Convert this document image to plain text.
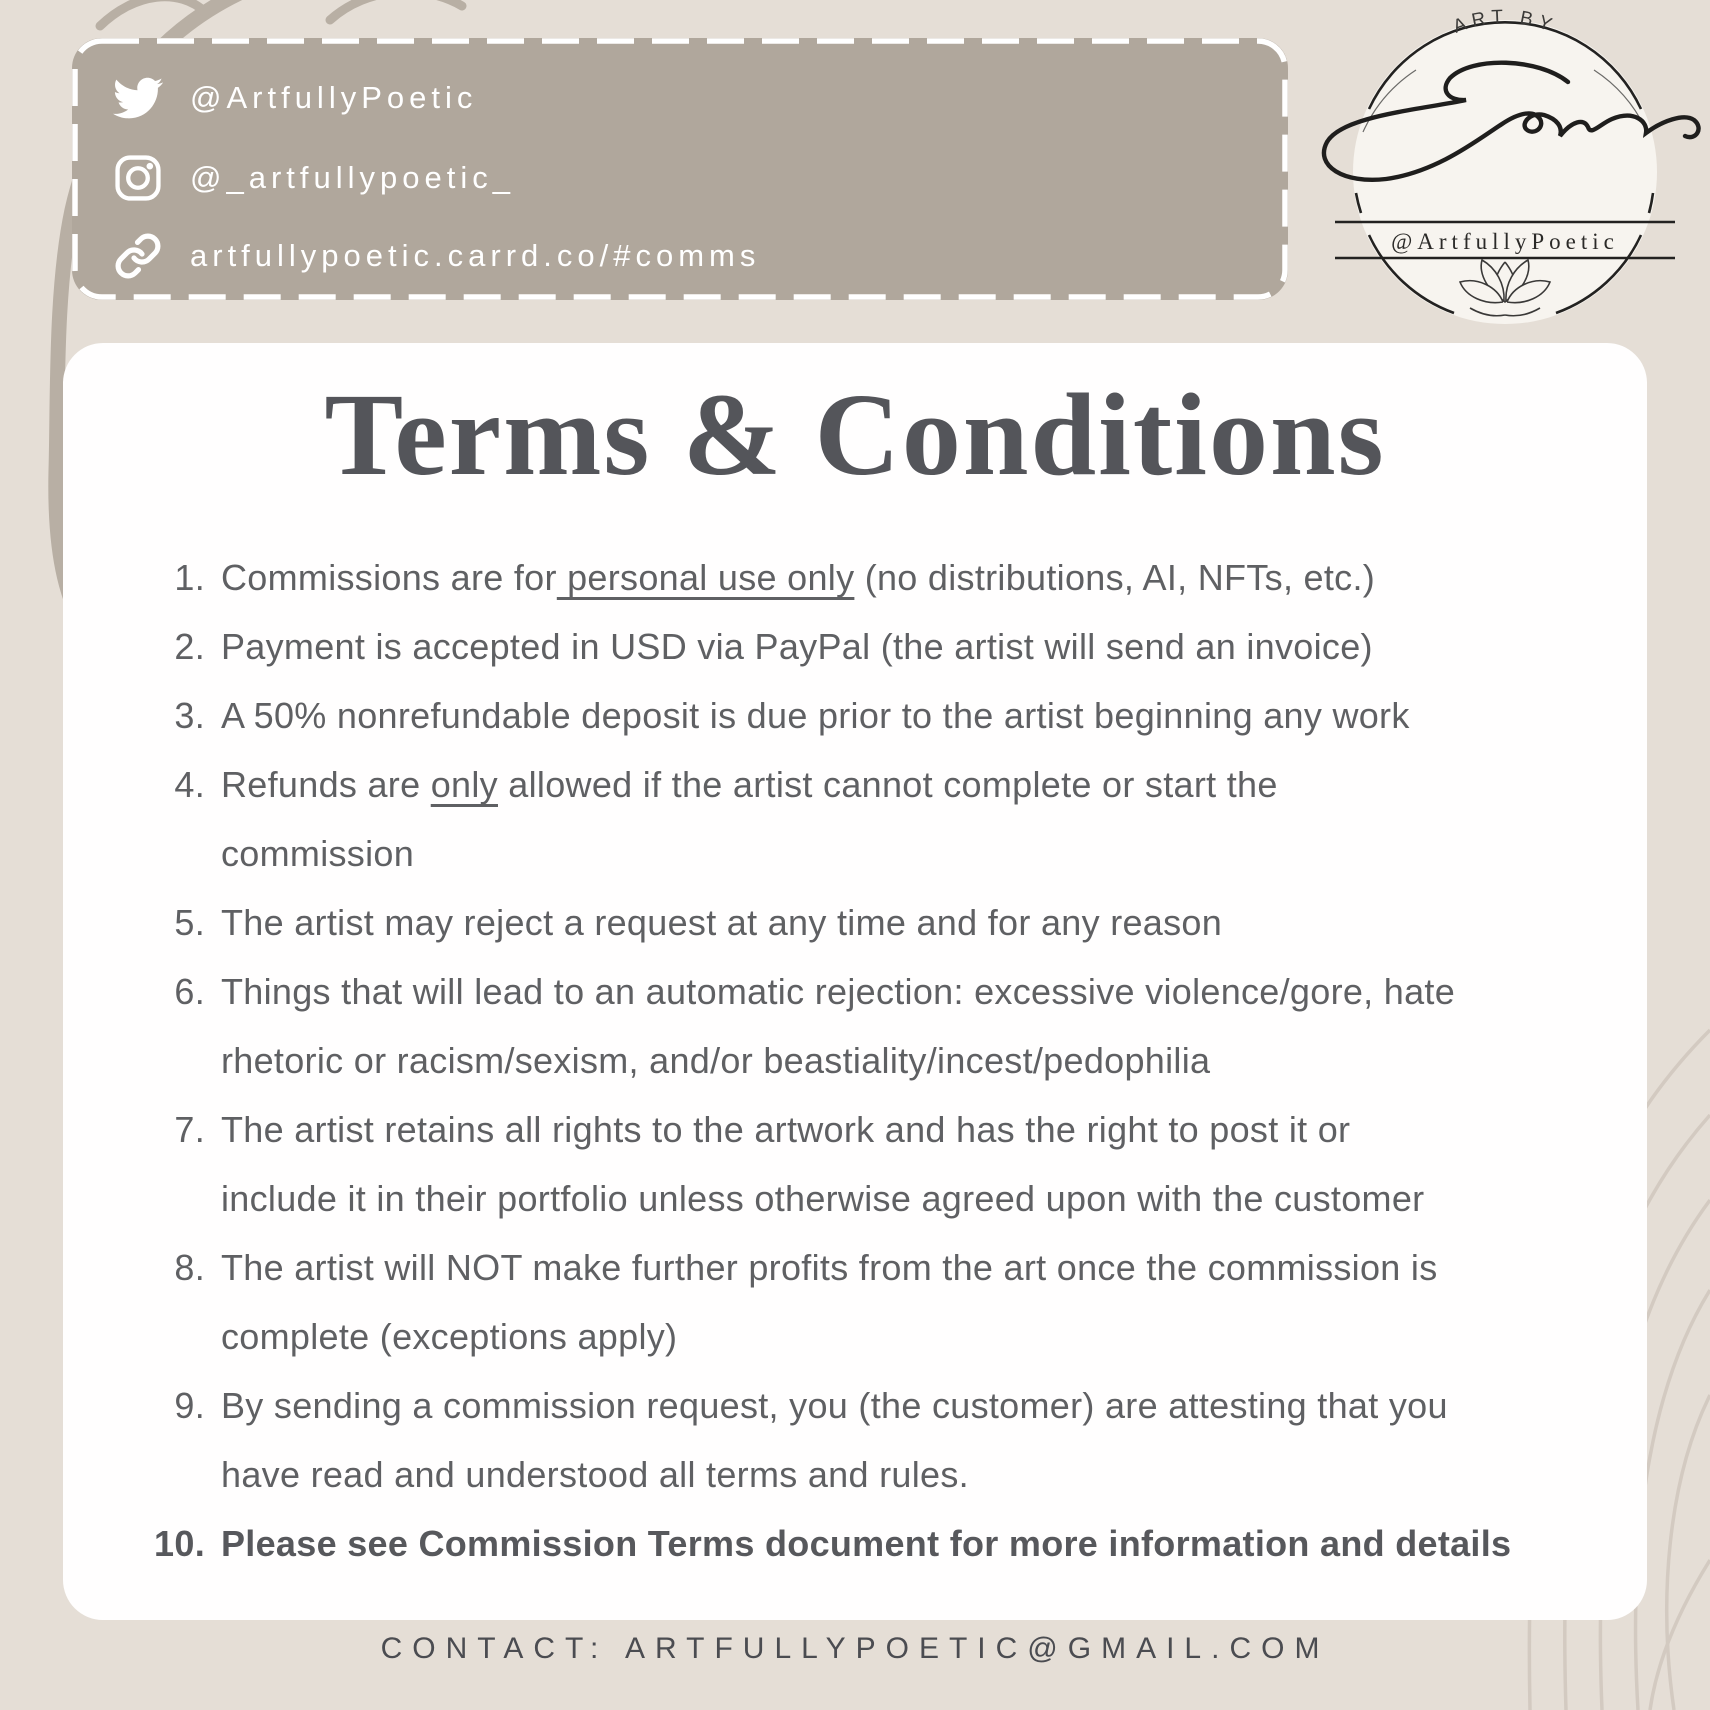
@ArtfullyPoetic
@_artfullypoetic_
artfullypoetic.carrd.co/#comms
ART BY
@ArtfullyPoetic
Terms & Conditions
1. Commissions are for personal use only (no distributions, AI, NFTs, etc.)
2. Payment is accepted in USD via PayPal (the artist will send an invoice)
3. A 50% nonrefundable deposit is due prior to the artist beginning any work
4. Refunds are only allowed if the artist cannot complete or start the
commission
5. The artist may reject a request at any time and for any reason
6. Things that will lead to an automatic rejection: excessive violence/gore, hate
rhetoric or racism/sexism, and/or beastiality/incest/pedophilia
7. The artist retains all rights to the artwork and has the right to post it or
include it in their portfolio unless otherwise agreed upon with the customer
8. The artist will NOT make further profits from the art once the commission is
complete (exceptions apply)
9. By sending a commission request, you (the customer) are attesting that you
have read and understood all terms and rules.
10. Please see Commission Terms document for more information and details
CONTACT: ARTFULLYPOETIC@GMAIL.COM
